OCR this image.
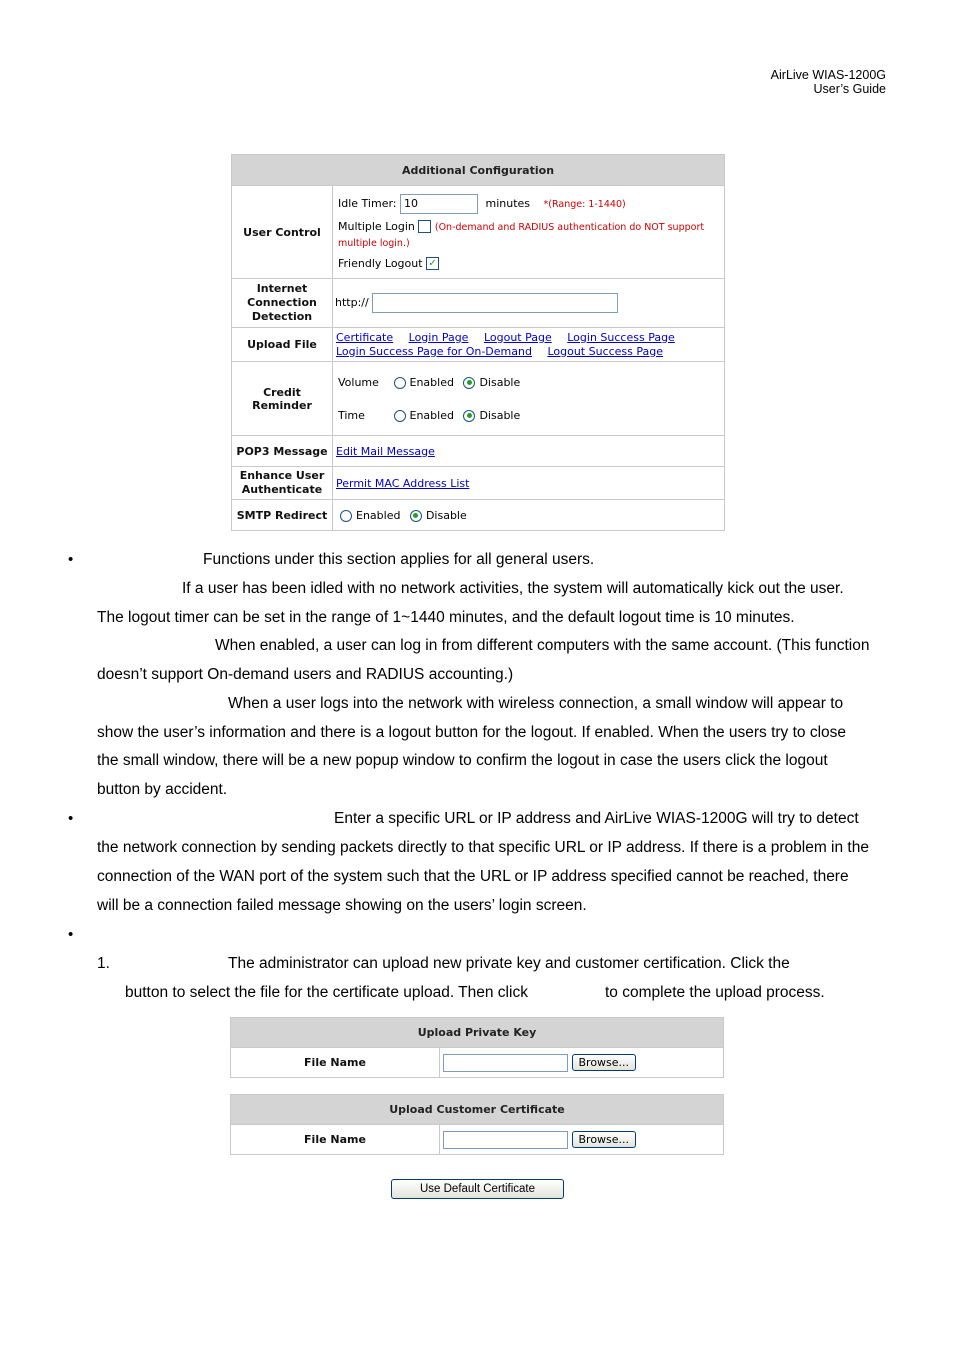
AirLive WIAS-1200G
User’s Guide
Additional Configuration	
User Control	Idle Timer: 10 minutes *(Range: 1-1440)
Multiple Login (On-demand and RADIUS authentication do NOT support
multiple login.)
Friendly Logout ✓

Internet
Connection
Detection	http://
Upload File	Certificate Login Page Logout Page Login Success Page
Login Success Page for On-Demand Logout Success Page

Credit Reminder	Volume Enabled Disable
Time Enabled Disable

POP3 Message	Edit Mail Message

Enhance User
Authenticate	Permit MAC Address List
SMTP Redirect	Enabled Disable
•	Functions under this section applies for all general users.
If a user has been idled with no network activities, the system will automatically kick out the user.
The logout timer can be set in the range of 1~1440 minutes, and the default logout time is 10 minutes.
When enabled, a user can log in from different computers with the same account. (This function
doesn’t support On-demand users and RADIUS accounting.)
When a user logs into the network with wireless connection, a small window will appear to
show the user’s information and there is a logout button for the logout. If enabled. When the users try to close
the small window, there will be a new popup window to confirm the logout in case the users click the logout
button by accident.
•	Enter a specific URL or IP address and AirLive WIAS-1200G will try to detect
the network connection by sending packets directly to that specific URL or IP address. If there is a problem in the
connection of the WAN port of the system such that the URL or IP address specified cannot be reached, there
will be a connection failed message showing on the users’ login screen.
•
1.	The administrator can upload new private key and customer certification. Click the
button to select the file for the certificate upload. Then click	to complete the upload process.
Upload Private Key
File Name	Browse...
Upload Customer Certificate
File Name	Browse...
Use Default Certificate
